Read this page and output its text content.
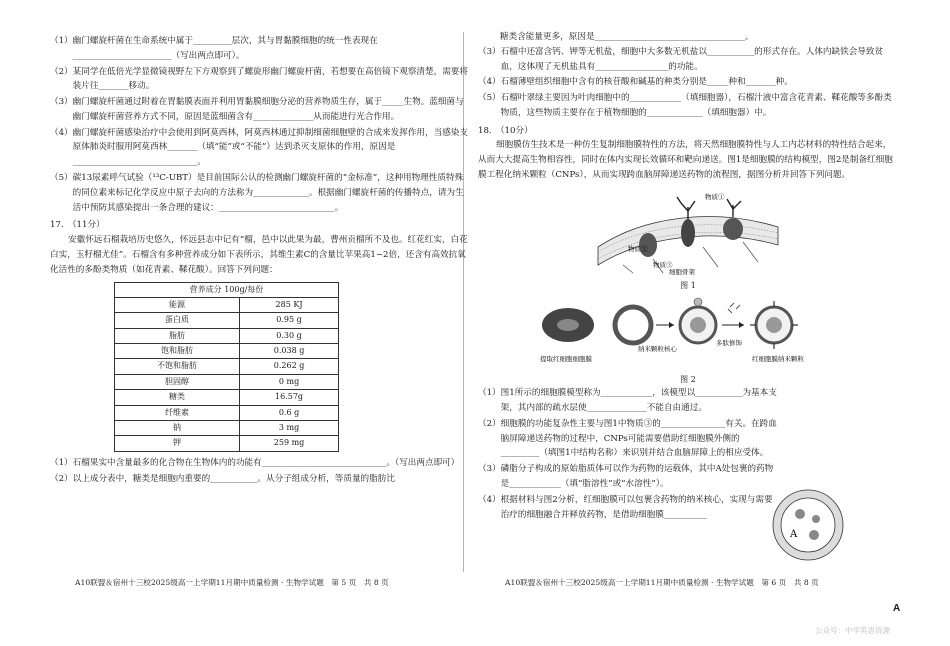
（1） 幽门螺旋杆菌在生命系统中属于_________层次，其与胃黏膜细胞的统一性表现在_______________________（写出两点即可）。
（2） 某同学在低倍光学显微镜视野左下方观察到了螺旋形幽门螺旋杆菌，若想要在高倍镜下观察清楚，需要将装片往_______移动。
（3） 幽门螺旋杆菌通过附着在胃黏膜表面并利用胃黏膜细胞分泌的营养物质生存，属于_____生物。蓝细菌与幽门螺旋杆菌营养方式不同，原因是蓝细菌含有______________从而能进行光合作用。
（4） 幽门螺旋杆菌感染治疗中会使用到阿莫西林，阿莫西林通过抑制细菌细胞壁的合成来发挥作用，当感染支原体肺炎时服用阿莫西林_______（填“能”或“不能”）达到杀灭支原体的作用，原因是_____________________________。
（5） 碳13尿素呼气试验（¹³C-UBT）是目前国际公认的检测幽门螺旋杆菌的“金标准”，这种用物理性质特殊的同位素来标记化学反应中原子去向的方法称为_____________。根据幽门螺旋杆菌的传播特点，请为生活中预防其感染提出一条合理的建议：___________________________。
17.　（11分）
安徽怀远石榴栽培历史悠久，怀远县志中记有“榴，邑中以此果为最，曹州贡榴所不及也。红花红实，白花白实，玉籽榴尤佳”。石榴含有多种营养成分如下表所示，其维生素C的含量比苹果高1~2倍，还含有高效抗氧化活性的多酚类物质（如花青素、鞣花酸）。回答下列问题：
营养成分 100g/每份	
能源	285 KJ
蛋白质	0.95 g
脂肪	0.30 g
饱和脂肪	0.038 g
不饱和脂肪	0.262 g
胆固醇	0 mg
糖类	16.57g
纤维素	0.6 g
钠	3 mg
钾	259 mg
（1） 石榴果实中含量最多的化合物在生物体内的功能有_____________________________。（写出两点即可）
（2） 以上成分表中，糖类是细胞内重要的___________。从分子组成分析，等质量的脂肪比
A10联盟＆宿州十三校2025级高一上学期11月期中质量检测 · 生物学试题　第 5 页　共 8 页
糖类含能量更多，原因是___________________________________。
（3） 石榴中还富含钙、钾等无机盐，细胞中大多数无机盐以___________的形式存在。人体内缺铁会导致贫血，这体现了无机盐具有_________________的功能。
（4） 石榴薄壁组织细胞中含有的核苷酸和碱基的种类分别是_____种和_______种。
（5） 石榴叶翠绿主要因为叶肉细胞中的____________（填细胞器），石榴汁液中富含花青素、鞣花酸等多酚类物质，这些物质主要存在于植物细胞的_____________（填细胞器）中。
18.　（10分）
细胞膜仿生技术是一种仿生复制细胞膜特性的方法，将天然细胞膜特性与人工内芯材料的特性结合起来，从而大大提高生物相容性，同时在体内实现长效循环和靶向递送。图1是细胞膜的结构模型，图2是制备红细胞膜工程化纳米颗粒（CNPs），从而实现跨血脑屏障递送药物的流程图，据图分析并回答下列问题。
物质①
物质②
物质③
细胞骨架
图 1
提取红细胞细胞膜
纳米颗粒核心
多肽修饰
红细胞膜纳米颗粒
图 2
（1） 图1所示的细胞膜模型称为____________，该模型以___________为基本支架，其内部的疏水层使______________不能自由通过。
（2） 细胞膜的功能复杂性主要与图1中物质③的_______________有关。在跨血脑屏障递送药物的过程中，CNPs可能需要借助红细胞膜外侧的_________（填图1中结构名称）来识别并结合血脑屏障上的相应受体。
（3） 磷脂分子构成的原始脂质体可以作为药物的运载体，其中A处包裹的药物是____________（填“脂溶性”或“水溶性”）。
（4） 根据材料与图2分析，红细胞膜可以包裹含药物的纳米核心，实现与需要治疗的细胞融合并释放药物，是借助细胞膜__________
A
A10联盟＆宿州十三校2025级高一上学期11月期中质量检测 · 生物学试题　第 6 页　共 8 页
A
公众号：中学英语资源
